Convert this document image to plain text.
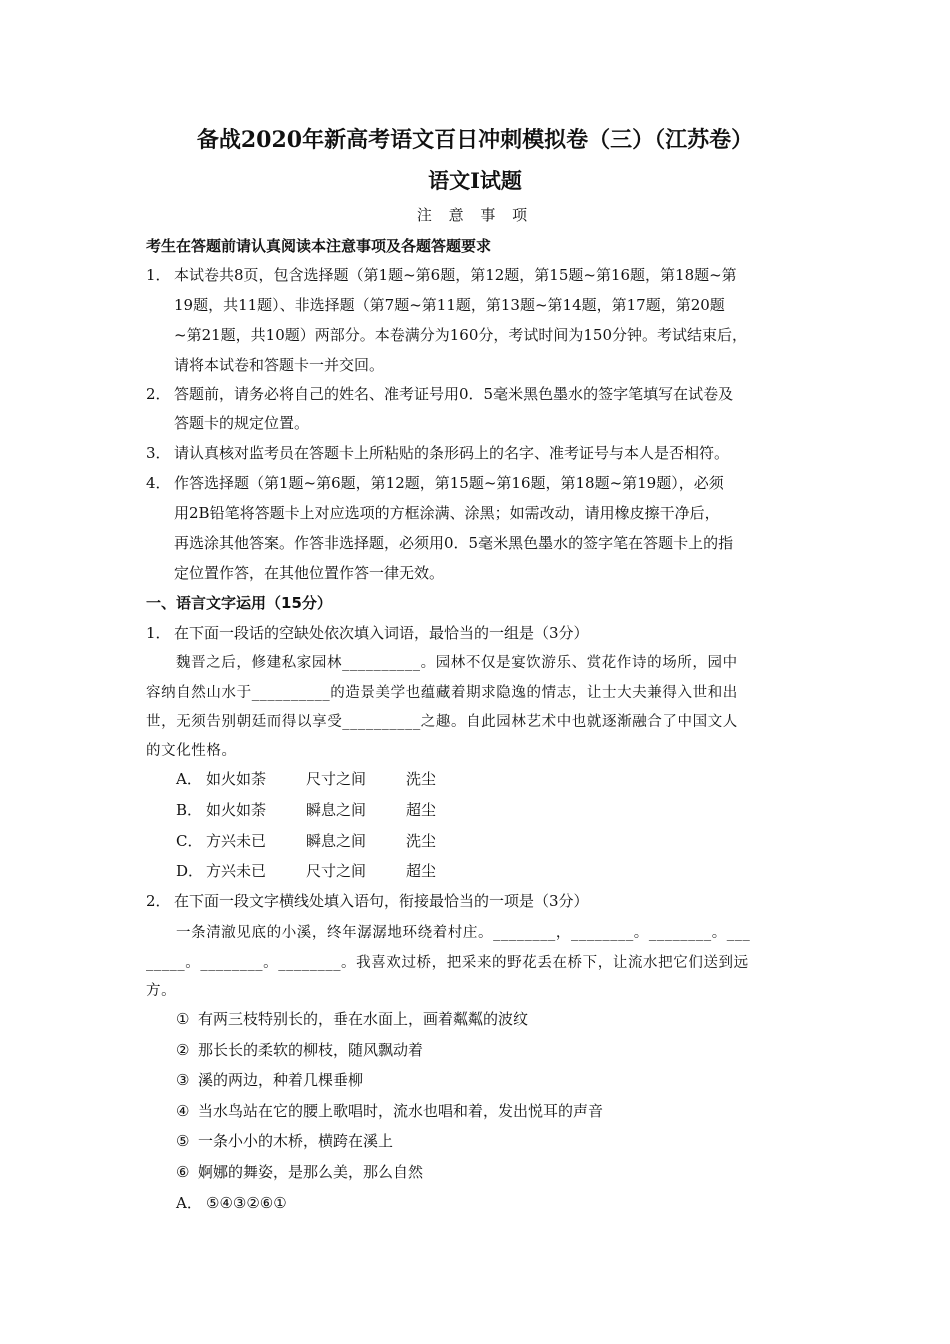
备战2020年新高考语文百日冲刺模拟卷（三）（江苏卷）
语文Ⅰ试题
注 意 事 项
考生在答题前请认真阅读本注意事项及各题答题要求
1． 本试卷共8页，包含选择题（第1题~第6题，第12题，第15题~第16题，第18题~第
19题，共11题）、非选择题（第7题~第11题，第13题~第14题，第17题，第20题
~第21题，共10题）两部分。本卷满分为160分，考试时间为150分钟。考试结束后，
请将本试卷和答题卡一并交回。
2． 答题前，请务必将自己的姓名、准考证号用0．5毫米黑色墨水的签字笔填写在试卷及
答题卡的规定位置。
3． 请认真核对监考员在答题卡上所粘贴的条形码上的名字、准考证号与本人是否相符。
4． 作答选择题（第1题~第6题，第12题，第15题~第16题，第18题~第19题），必须
用2B铅笔将答题卡上对应选项的方框涂满、涂黑；如需改动，请用橡皮擦干净后，
再选涂其他答案。作答非选择题，必须用0．5毫米黑色墨水的签字笔在答题卡上的指
定位置作答，在其他位置作答一律无效。
一、语言文字运用（15分）
1． 在下面一段话的空缺处依次填入词语，最恰当的一组是（3分）
魏晋之后，修建私家园林__________。园林不仅是宴饮游乐、赏花作诗的场所，园中
容纳自然山水于__________的造景美学也蕴藏着期求隐逸的情志，让士大夫兼得入世和出
世，无须告别朝廷而得以享受__________之趣。自此园林艺术中也就逐渐融合了中国文人
的文化性格。
A． 如火如荼	尺寸之间	洗尘
B． 如火如荼	瞬息之间	超尘
C． 方兴未已	瞬息之间	洗尘
D． 方兴未已	尺寸之间	超尘
2． 在下面一段文字横线处填入语句，衔接最恰当的一项是（3分）
一条清澈见底的小溪，终年潺潺地环绕着村庄。________，________。________。___
_____。________。________。我喜欢过桥，把采来的野花丢在桥下，让流水把它们送到远
方。
① 有两三枝特别长的，垂在水面上，画着粼粼的波纹
② 那长长的柔软的柳枝，随风飘动着
③ 溪的两边，种着几棵垂柳
④ 当水鸟站在它的腰上歌唱时，流水也唱和着，发出悦耳的声音
⑤ 一条小小的木桥，横跨在溪上
⑥ 婀娜的舞姿，是那么美，那么自然
A． ⑤④③②⑥①
